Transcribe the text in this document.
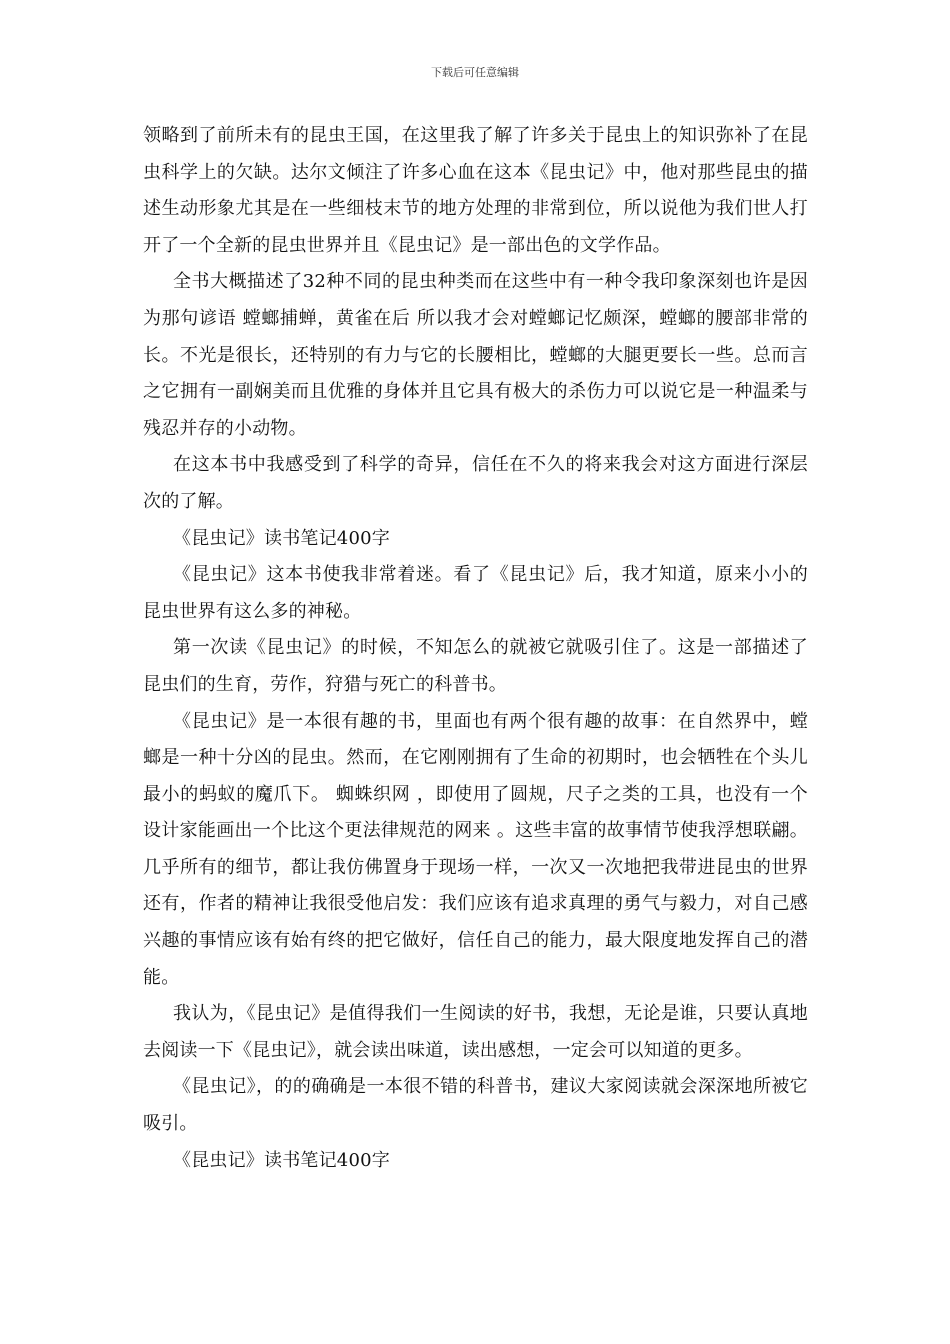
下载后可任意编辑

领略到了前所未有的昆虫王国，在这里我了解了许多关于昆虫上的知识弥补了在昆虫科学上的欠缺。达尔文倾注了许多心血在这本《昆虫记》中，他对那些昆虫的描述生动形象尤其是在一些细枝末节的地方处理的非常到位，所以说他为我们世人打开了一个全新的昆虫世界并且《昆虫记》是一部出色的文学作品。

全书大概描述了32种不同的昆虫种类而在这些中有一种令我印象深刻也许是因为那句谚语 螳螂捕蝉，黄雀在后 所以我才会对螳螂记忆颇深，螳螂的腰部非常的长。不光是很长，还特别的有力与它的长腰相比，螳螂的大腿更要长一些。总而言之它拥有一副娴美而且优雅的身体并且它具有极大的杀伤力可以说它是一种温柔与残忍并存的小动物。

在这本书中我感受到了科学的奇异，信任在不久的将来我会对这方面进行深层次的了解。

《昆虫记》读书笔记400字

《昆虫记》这本书使我非常着迷。看了《昆虫记》后，我才知道，原来小小的昆虫世界有这么多的神秘。

第一次读《昆虫记》的时候，不知怎么的就被它就吸引住了。这是一部描述了昆虫们的生育，劳作，狩猎与死亡的科普书。

《昆虫记》是一本很有趣的书，里面也有两个很有趣的故事：在自然界中，螳螂是一种十分凶的昆虫。然而，在它刚刚拥有了生命的初期时，也会牺牲在个头儿最小的蚂蚁的魔爪下。 蜘蛛织网 ，即使用了圆规，尺子之类的工具，也没有一个设计家能画出一个比这个更法律规范的网来 。这些丰富的故事情节使我浮想联翩。几乎所有的细节，都让我仿佛置身于现场一样，一次又一次地把我带进昆虫的世界 还有，作者的精神让我很受他启发：我们应该有追求真理的勇气与毅力，对自己感兴趣的事情应该有始有终的把它做好，信任自己的能力，最大限度地发挥自己的潜能。

我认为，《昆虫记》是值得我们一生阅读的好书，我想，无论是谁，只要认真地去阅读一下《昆虫记》，就会读出味道，读出感想，一定会可以知道的更多。

《昆虫记》，的的确确是一本很不错的科普书，建议大家阅读就会深深地所被它吸引。

《昆虫记》读书笔记400字
